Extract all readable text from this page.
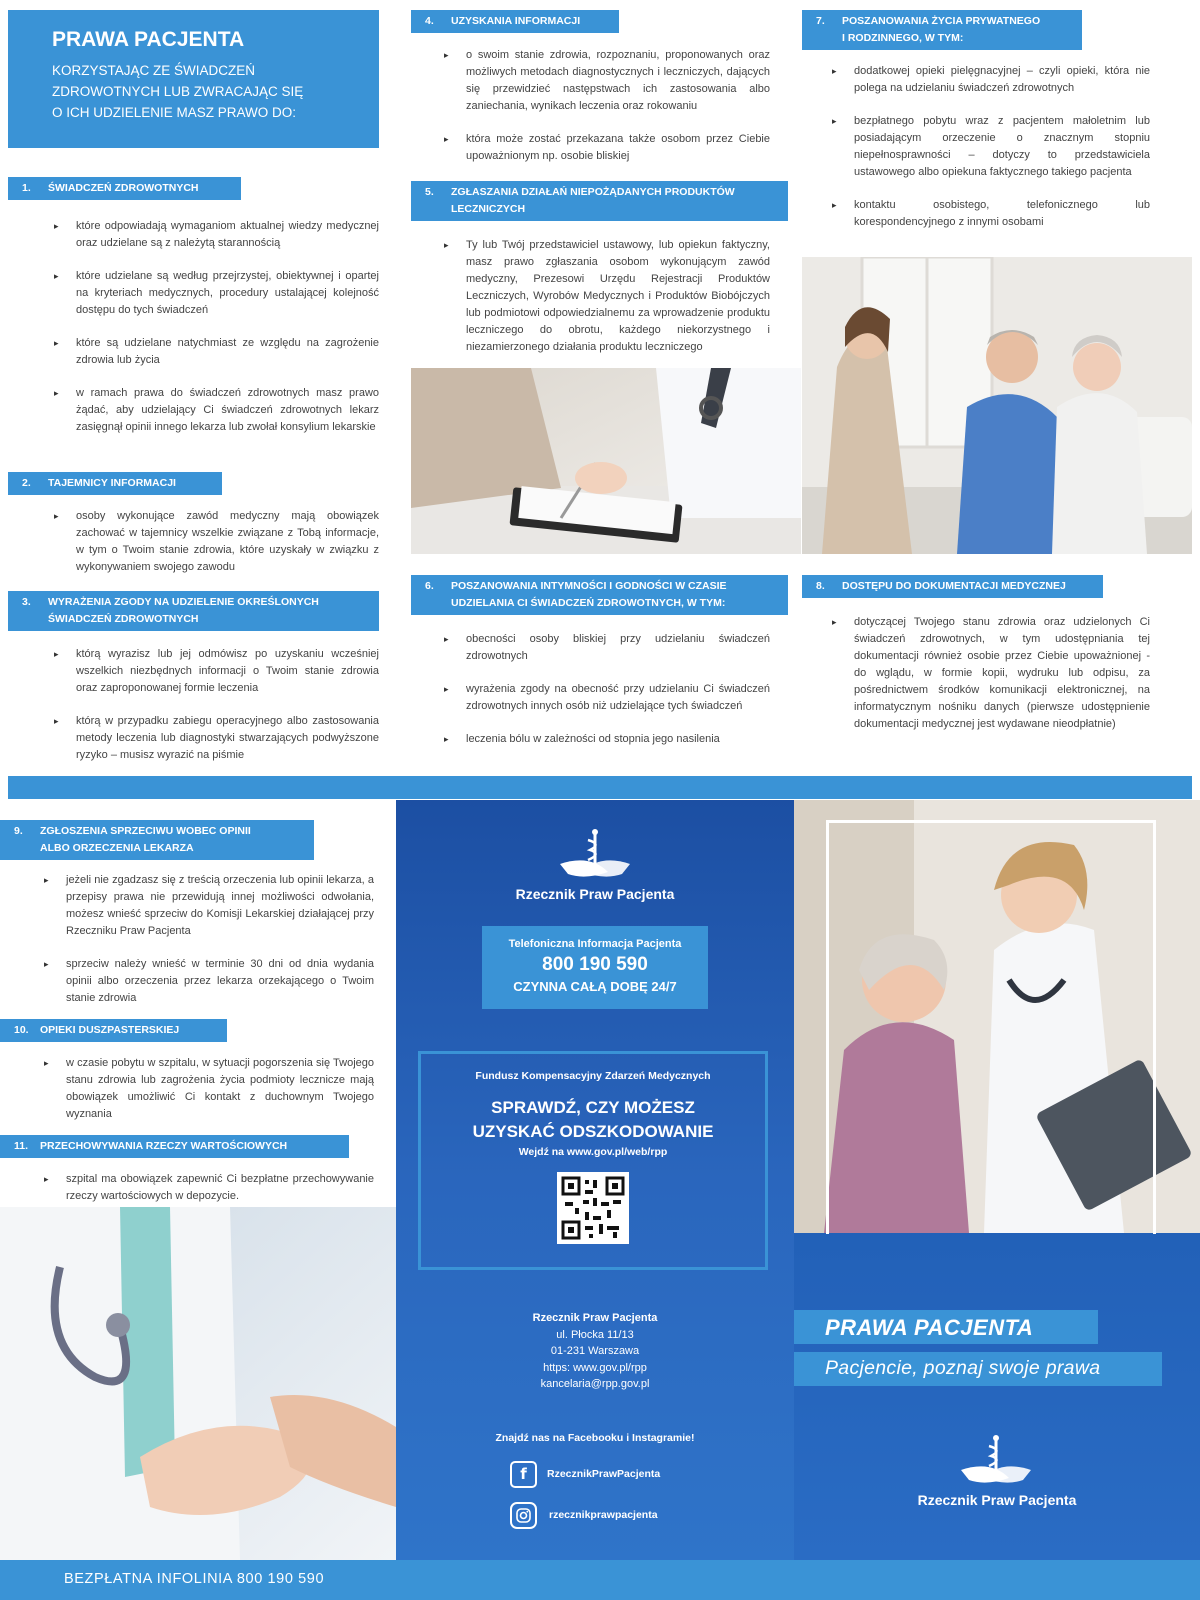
PRAWA PACJENTA
KORZYSTAJĄC ZE ŚWIADCZEŃ
ZDROWOTNYCH LUB ZWRACAJĄC SIĘ
O ICH UDZIELENIE MASZ PRAWO DO:
1. ŚWIADCZEŃ ZDROWOTNYCH
▸ które odpowiadają wymaganiom aktualnej wiedzy medycznej oraz udzielane są z należytą starannością
▸ które udzielane są według przejrzystej, obiektywnej i opartej na kryteriach medycznych, procedury ustalającej kolejność dostępu do tych świadczeń
▸ które są udzielane natychmiast ze względu na zagrożenie zdrowia lub życia
▸ w ramach prawa do świadczeń zdrowotnych masz prawo żądać, aby udzielający Ci świadczeń zdrowotnych lekarz zasięgnął opinii innego lekarza lub zwołał konsylium lekarskie
2. TAJEMNICY INFORMACJI
▸ osoby wykonujące zawód medyczny mają obowiązek zachować w tajemnicy wszelkie związane z Tobą informacje, w tym o Twoim stanie zdrowia, które uzyskały w związku z wykonywaniem swojego zawodu
3. WYRAŻENIA ZGODY NA UDZIELENIE OKREŚLONYCH
ŚWIADCZEŃ ZDROWOTNYCH
▸ którą wyrazisz lub jej odmówisz po uzyskaniu wcześniej wszelkich niezbędnych informacji o Twoim stanie zdrowia oraz zaproponowanej formie leczenia
▸ którą w przypadku zabiegu operacyjnego albo zastosowania metody leczenia lub diagnostyki stwarzających podwyższone ryzyko – musisz wyrazić na piśmie
4. UZYSKANIA INFORMACJI
▸ o swoim stanie zdrowia, rozpoznaniu, proponowanych oraz możliwych metodach diagnostycznych i leczniczych, dających się przewidzieć następstwach ich zastosowania albo zaniechania, wynikach leczenia oraz rokowaniu
▸ która może zostać przekazana także osobom przez Ciebie upoważnionym np. osobie bliskiej
5. ZGŁASZANIA DZIAŁAŃ NIEPOŻĄDANYCH PRODUKTÓW
LECZNICZYCH
▸ Ty lub Twój przedstawiciel ustawowy, lub opiekun faktyczny, masz prawo zgłaszania osobom wykonującym zawód medyczny, Prezesowi Urzędu Rejestracji Produktów Leczniczych, Wyrobów Medycznych i Produktów Biobójczych lub podmiotowi odpowiedzialnemu za wprowadzenie produktu leczniczego do obrotu, każdego niekorzystnego i niezamierzonego działania produktu leczniczego
6. POSZANOWANIA INTYMNOŚCI I GODNOŚCI W CZASIE
UDZIELANIA CI ŚWIADCZEŃ ZDROWOTNYCH, W TYM:
▸ obecności osoby bliskiej przy udzielaniu świadczeń zdrowotnych
▸ wyrażenia zgody na obecność przy udzielaniu Ci świadczeń zdrowotnych innych osób niż udzielające tych świadczeń
▸ leczenia bólu w zależności od stopnia jego nasilenia
7. POSZANOWANIA ŻYCIA PRYWATNEGO
I RODZINNEGO, W TYM:
▸ dodatkowej opieki pielęgnacyjnej – czyli opieki, która nie polega na udzielaniu świadczeń zdrowotnych
▸ bezpłatnego pobytu wraz z pacjentem małoletnim lub posiadającym orzeczenie o znacznym stopniu niepełnosprawności – dotyczy to przedstawiciela ustawowego albo opiekuna faktycznego takiego pacjenta
▸ kontaktu osobistego, telefonicznego lub korespondencyjnego z innymi osobami
8. DOSTĘPU DO DOKUMENTACJI MEDYCZNEJ
▸ dotyczącej Twojego stanu zdrowia oraz udzielonych Ci świadczeń zdrowotnych, w tym udostępniania tej dokumentacji również osobie przez Ciebie upoważnionej - do wglądu, w formie kopii, wydruku lub odpisu, za pośrednictwem środków komunikacji elektronicznej, na informatycznym nośniku danych (pierwsze udostępnienie dokumentacji medycznej jest wydawane nieodpłatnie)
9. ZGŁOSZENIA SPRZECIWU WOBEC OPINII
ALBO ORZECZENIA LEKARZA
▸ jeżeli nie zgadzasz się z treścią orzeczenia lub opinii lekarza, a przepisy prawa nie przewidują innej możliwości odwołania, możesz wnieść sprzeciw do Komisji Lekarskiej działającej przy Rzeczniku Praw Pacjenta
▸ sprzeciw należy wnieść w terminie 30 dni od dnia wydania opinii albo orzeczenia przez lekarza orzekającego o Twoim stanie zdrowia
10. OPIEKI DUSZPASTERSKIEJ
▸ w czasie pobytu w szpitalu, w sytuacji pogorszenia się Twojego stanu zdrowia lub zagrożenia życia podmioty lecznicze mają obowiązek umożliwić Ci kontakt z duchownym Twojego wyznania
11. PRZECHOWYWANIA RZECZY WARTOŚCIOWYCH
▸ szpital ma obowiązek zapewnić Ci bezpłatne przechowywanie rzeczy wartościowych w depozycie.
Rzecznik Praw Pacjenta
Telefoniczna Informacja Pacjenta
800 190 590
CZYNNA CAŁĄ DOBĘ 24/7
Fundusz Kompensacyjny Zdarzeń Medycznych
SPRAWDŹ, CZY MOŻESZ
UZYSKAĆ ODSZKODOWANIE
Wejdź na www.gov.pl/web/rpp
Rzecznik Praw Pacjenta
ul. Płocka 11/13
01-231 Warszawa
https: www.gov.pl/rpp
kancelaria@rpp.gov.pl
Znajdź nas na Facebooku i Instagramie!
f	RzecznikPrawPacjenta
rzecznikprawpacjenta
PRAWA PACJENTA
Pacjencie, poznaj swoje prawa
Rzecznik Praw Pacjenta
BEZPŁATNA INFOLINIA 800 190 590
